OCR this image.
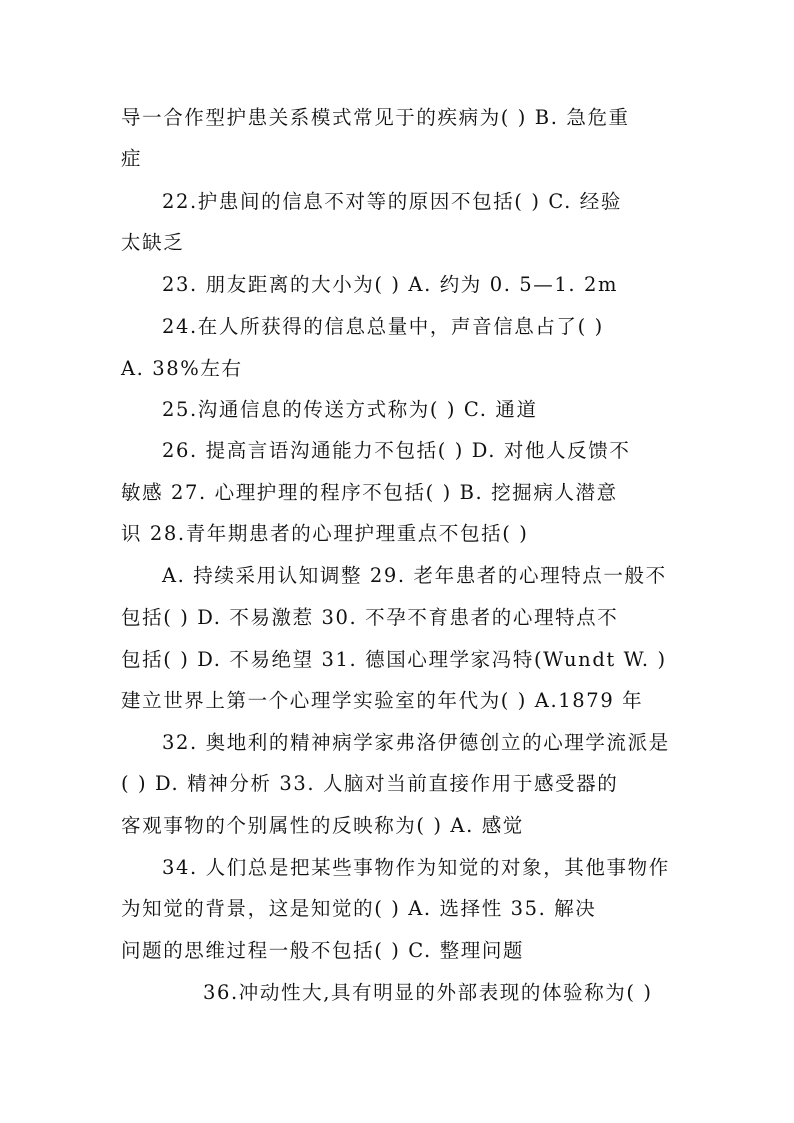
导一合作型护患关系模式常见于的疾病为( ) B. 急危重
症
22.护患间的信息不对等的原因不包括( ) C. 经验
太缺乏
23. 朋友距离的大小为( ) A. 约为 0. 5—1. 2m
24.在人所获得的信息总量中，声音信息占了( )
A. 38%左右
25.沟通信息的传送方式称为( ) C. 通道
26. 提高言语沟通能力不包括( ) D. 对他人反馈不
敏感 27. 心理护理的程序不包括( ) B. 挖掘病人潜意
识 28.青年期患者的心理护理重点不包括( )
A. 持续采用认知调整 29. 老年患者的心理特点一般不
包括( ) D. 不易激惹 30. 不孕不育患者的心理特点不
包括( ) D. 不易绝望 31. 德国心理学家冯特(Wundt W. )
建立世界上第一个心理学实验室的年代为( ) A.1879 年
32. 奥地利的精神病学家弗洛伊德创立的心理学流派是
( ) D. 精神分析 33. 人脑对当前直接作用于感受器的
客观事物的个别属性的反映称为( ) A. 感觉
34. 人们总是把某些事物作为知觉的对象，其他事物作
为知觉的背景，这是知觉的( ) A. 选择性 35. 解决
问题的思维过程一般不包括( ) C. 整理问题
36.冲动性大,具有明显的外部表现的体验称为( )
